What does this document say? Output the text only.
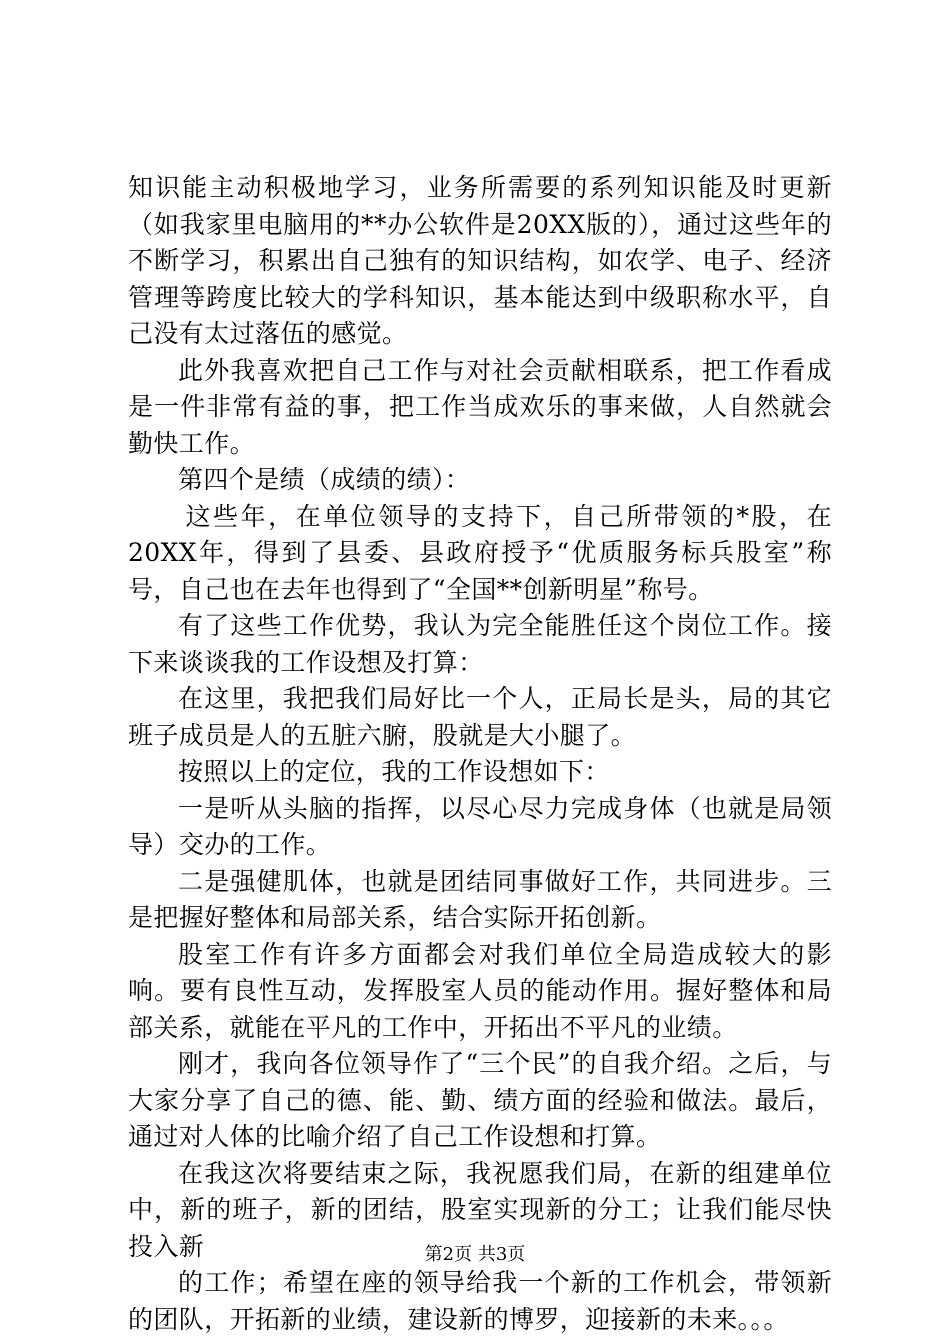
知识能主动积极地学习，业务所需要的系列知识能及时更新（如我家里电脑用的**办公软件是20XX版的），通过这些年的不断学习，积累出自己独有的知识结构，如农学、电子、经济管理等跨度比较大的学科知识，基本能达到中级职称水平，自己没有太过落伍的感觉。

此外我喜欢把自己工作与对社会贡献相联系，把工作看成是一件非常有益的事，把工作当成欢乐的事来做，人自然就会勤快工作。

第四个是绩（成绩的绩）：

这些年，在单位领导的支持下，自己所带领的*股，在20XX年，得到了县委、县政府授予“优质服务标兵股室”称号，自己也在去年也得到了“全国**创新明星”称号。

有了这些工作优势，我认为完全能胜任这个岗位工作。接下来谈谈我的工作设想及打算：

在这里，我把我们局好比一个人，正局长是头，局的其它班子成员是人的五脏六腑，股就是大小腿了。

按照以上的定位，我的工作设想如下：

一是听从头脑的指挥，以尽心尽力完成身体（也就是局领导）交办的工作。

二是强健肌体，也就是团结同事做好工作，共同进步。三是把握好整体和局部关系，结合实际开拓创新。

股室工作有许多方面都会对我们单位全局造成较大的影响。要有良性互动，发挥股室人员的能动作用。握好整体和局部关系，就能在平凡的工作中，开拓出不平凡的业绩。

刚才，我向各位领导作了“三个民”的自我介绍。之后，与大家分享了自己的德、能、勤、绩方面的经验和做法。最后，通过对人体的比喻介绍了自己工作设想和打算。

在我这次将要结束之际，我祝愿我们局，在新的组建单位中，新的班子，新的团结，股室实现新的分工；让我们能尽快投入新

的工作；希望在座的领导给我一个新的工作机会，带领新的团队，开拓新的业绩，建设新的博罗，迎接新的未来。。。

第2页 共3页
